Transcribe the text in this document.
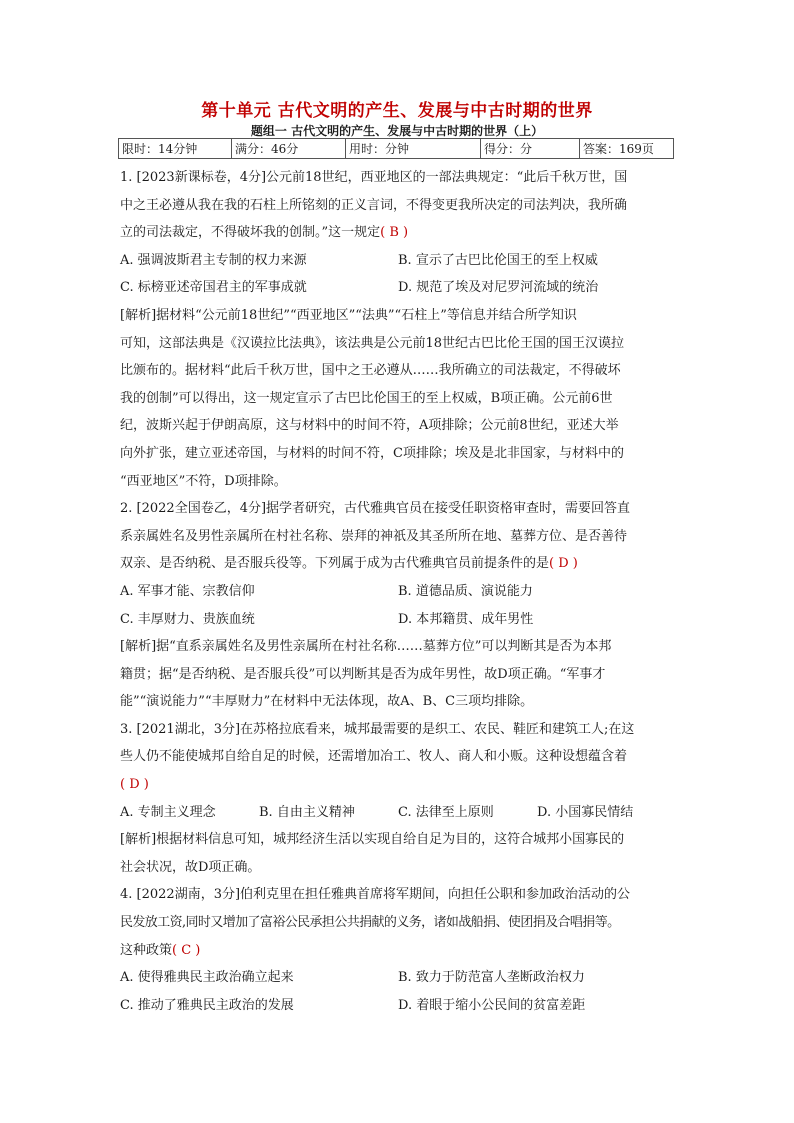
第十单元 古代文明的产生、发展与中古时期的世界
题组一 古代文明的产生、发展与中古时期的世界（上）
限时：14分钟	满分：46分	用时：分钟	得分：分	答案：169页

1. [2023新课标卷，4分]公元前18世纪，西亚地区的一部法典规定：“此后千秋万世，国

中之王必遵从我在我的石柱上所铭刻的正义言词，不得变更我所决定的司法判决，我所确

立的司法裁定，不得破坏我的创制。”这一规定( B )

A. 强调波斯君主专制的权力来源	B. 宣示了古巴比伦国王的至上权威
C. 标榜亚述帝国君主的军事成就	D. 规范了埃及对尼罗河流域的统治

[解析]据材料“公元前18世纪”“西亚地区”“法典”“石柱上”等信息并结合所学知识

可知，这部法典是《汉谟拉比法典》，该法典是公元前18世纪古巴比伦王国的国王汉谟拉

比颁布的。据材料“此后千秋万世，国中之王必遵从……我所确立的司法裁定，不得破坏

我的创制”可以得出，这一规定宣示了古巴比伦国王的至上权威，B项正确。公元前6世

纪，波斯兴起于伊朗高原，这与材料中的时间不符，A项排除；公元前8世纪，亚述大举

向外扩张，建立亚述帝国，与材料的时间不符，C项排除；埃及是北非国家，与材料中的

“西亚地区”不符，D项排除。

2. [2022全国卷乙，4分]据学者研究，古代雅典官员在接受任职资格审查时，需要回答直

系亲属姓名及男性亲属所在村社名称、崇拜的神祇及其圣所所在地、墓葬方位、是否善待

双亲、是否纳税、是否服兵役等。下列属于成为古代雅典官员前提条件的是( D )

A. 军事才能、宗教信仰	B. 道德品质、演说能力
C. 丰厚财力、贵族血统	D. 本邦籍贯、成年男性

[解析]据“直系亲属姓名及男性亲属所在村社名称……墓葬方位”可以判断其是否为本邦

籍贯；据“是否纳税、是否服兵役”可以判断其是否为成年男性，故D项正确。“军事才

能”“演说能力”“丰厚财力”在材料中无法体现，故A、B、C三项均排除。

3. [2021湖北，3分]在苏格拉底看来，城邦最需要的是织工、农民、鞋匠和建筑工人;在这

些人仍不能使城邦自给自足的时候，还需增加冶工、牧人、商人和小贩。这种设想蕴含着

( D )

A. 专制主义理念	B. 自由主义精神	C. 法律至上原则	D. 小国寡民情结

[解析]根据材料信息可知，城邦经济生活以实现自给自足为目的，这符合城邦小国寡民的

社会状况，故D项正确。

4. [2022湖南，3分]伯利克里在担任雅典首席将军期间，向担任公职和参加政治活动的公

民发放工资,同时又增加了富裕公民承担公共捐献的义务，诸如战船捐、使团捐及合唱捐等。

这种政策( C )

A. 使得雅典民主政治确立起来	B. 致力于防范富人垄断政治权力
C. 推动了雅典民主政治的发展	D. 着眼于缩小公民间的贫富差距
